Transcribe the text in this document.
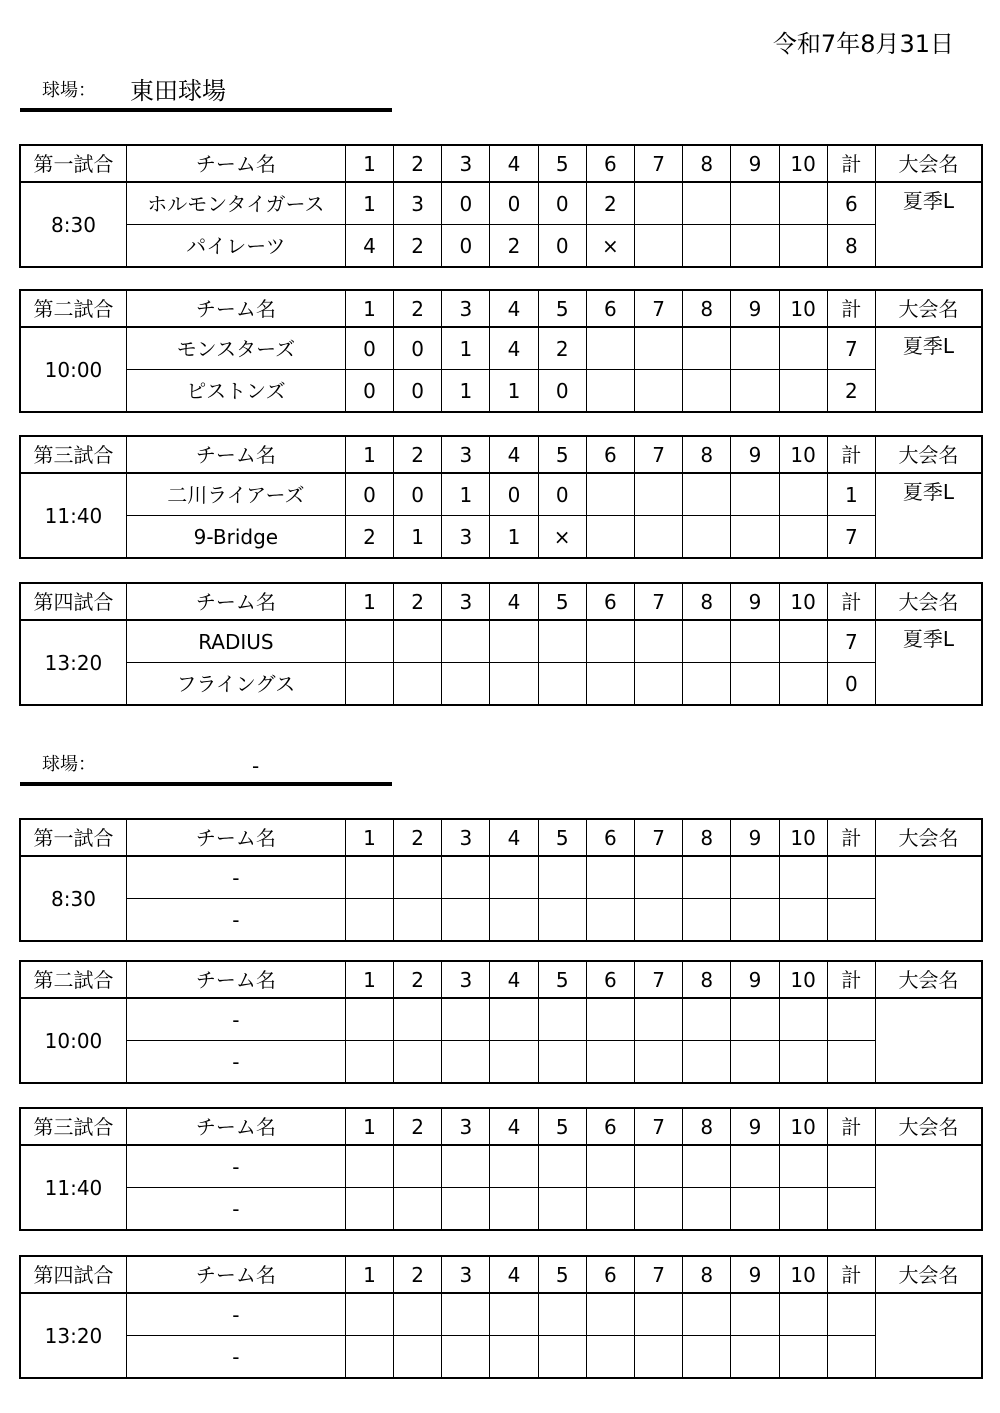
令和7年8月31日
球場： 東田球場
球場：	-
第一試合	チーム名	1	2	3	4	5	6	7	8	9	10	計	大会名
8:30	ホルモンタイガース	1	3	0	0	0	2					6	夏季L
	パイレーツ	4	2	0	2	0	×					8	
第二試合	チーム名	1	2	3	4	5	6	7	8	9	10	計	大会名
10:00	モンスターズ	0	0	1	4	2						7	夏季L
	ピストンズ	0	0	1	1	0						2	
第三試合	チーム名	1	2	3	4	5	6	7	8	9	10	計	大会名
11:40	二川ライアーズ	0	0	1	0	0						1	夏季L
	9-Bridge	2	1	3	1	×						7	
第四試合	チーム名	1	2	3	4	5	6	7	8	9	10	計	大会名
13:20	RADIUS											7	夏季L
	フライングス											0	
第一試合	チーム名	1	2	3	4	5	6	7	8	9	10	計	大会名
8:30	-												
	-												
第二試合	チーム名	1	2	3	4	5	6	7	8	9	10	計	大会名
10:00	-												
	-												
第三試合	チーム名	1	2	3	4	5	6	7	8	9	10	計	大会名
11:40	-												
	-												
第四試合	チーム名	1	2	3	4	5	6	7	8	9	10	計	大会名
13:20	-												
	-												
